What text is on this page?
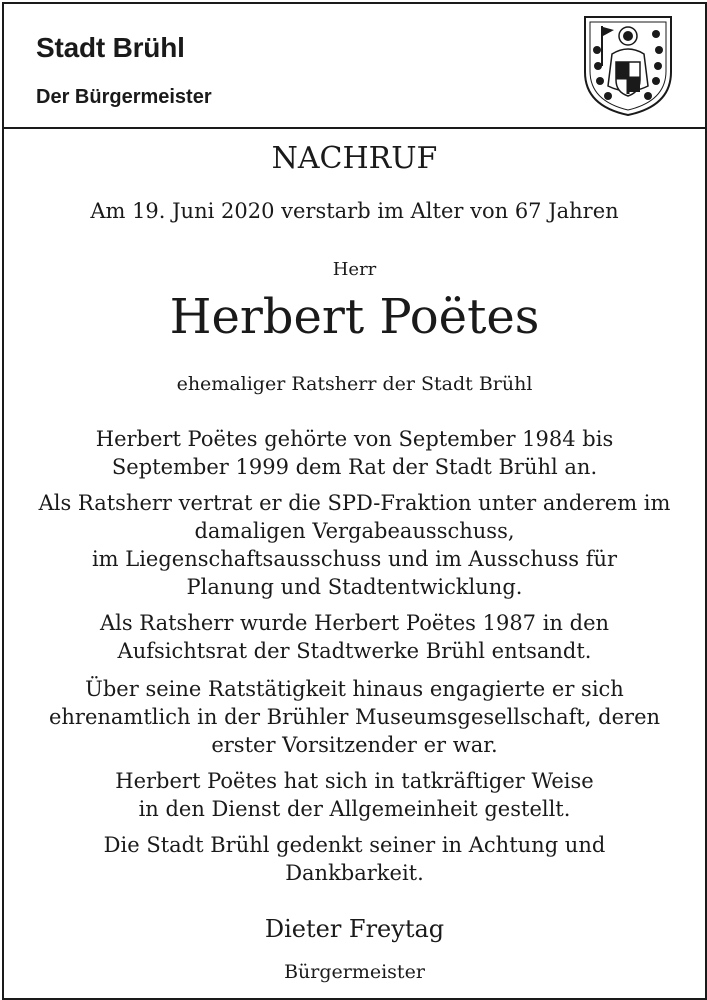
Stadt Brühl
Der Bürgermeister
NACHRUF
Am 19. Juni 2020 verstarb im Alter von 67 Jahren
Herr
Herbert Poëtes
ehemaliger Ratsherr der Stadt Brühl
Herbert Poëtes gehörte von September 1984 bis
September 1999 dem Rat der Stadt Brühl an.
Als Ratsherr vertrat er die SPD-Fraktion unter anderem im
damaligen Vergabeausschuss,
im Liegenschaftsausschuss und im Ausschuss für
Planung und Stadtentwicklung.
Als Ratsherr wurde Herbert Poëtes 1987 in den
Aufsichtsrat der Stadtwerke Brühl entsandt.
Über seine Ratstätigkeit hinaus engagierte er sich
ehrenamtlich in der Brühler Museumsgesellschaft, deren
erster Vorsitzender er war.
Herbert Poëtes hat sich in tatkräftiger Weise
in den Dienst der Allgemeinheit gestellt.
Die Stadt Brühl gedenkt seiner in Achtung und
Dankbarkeit.
Dieter Freytag
Bürgermeister
